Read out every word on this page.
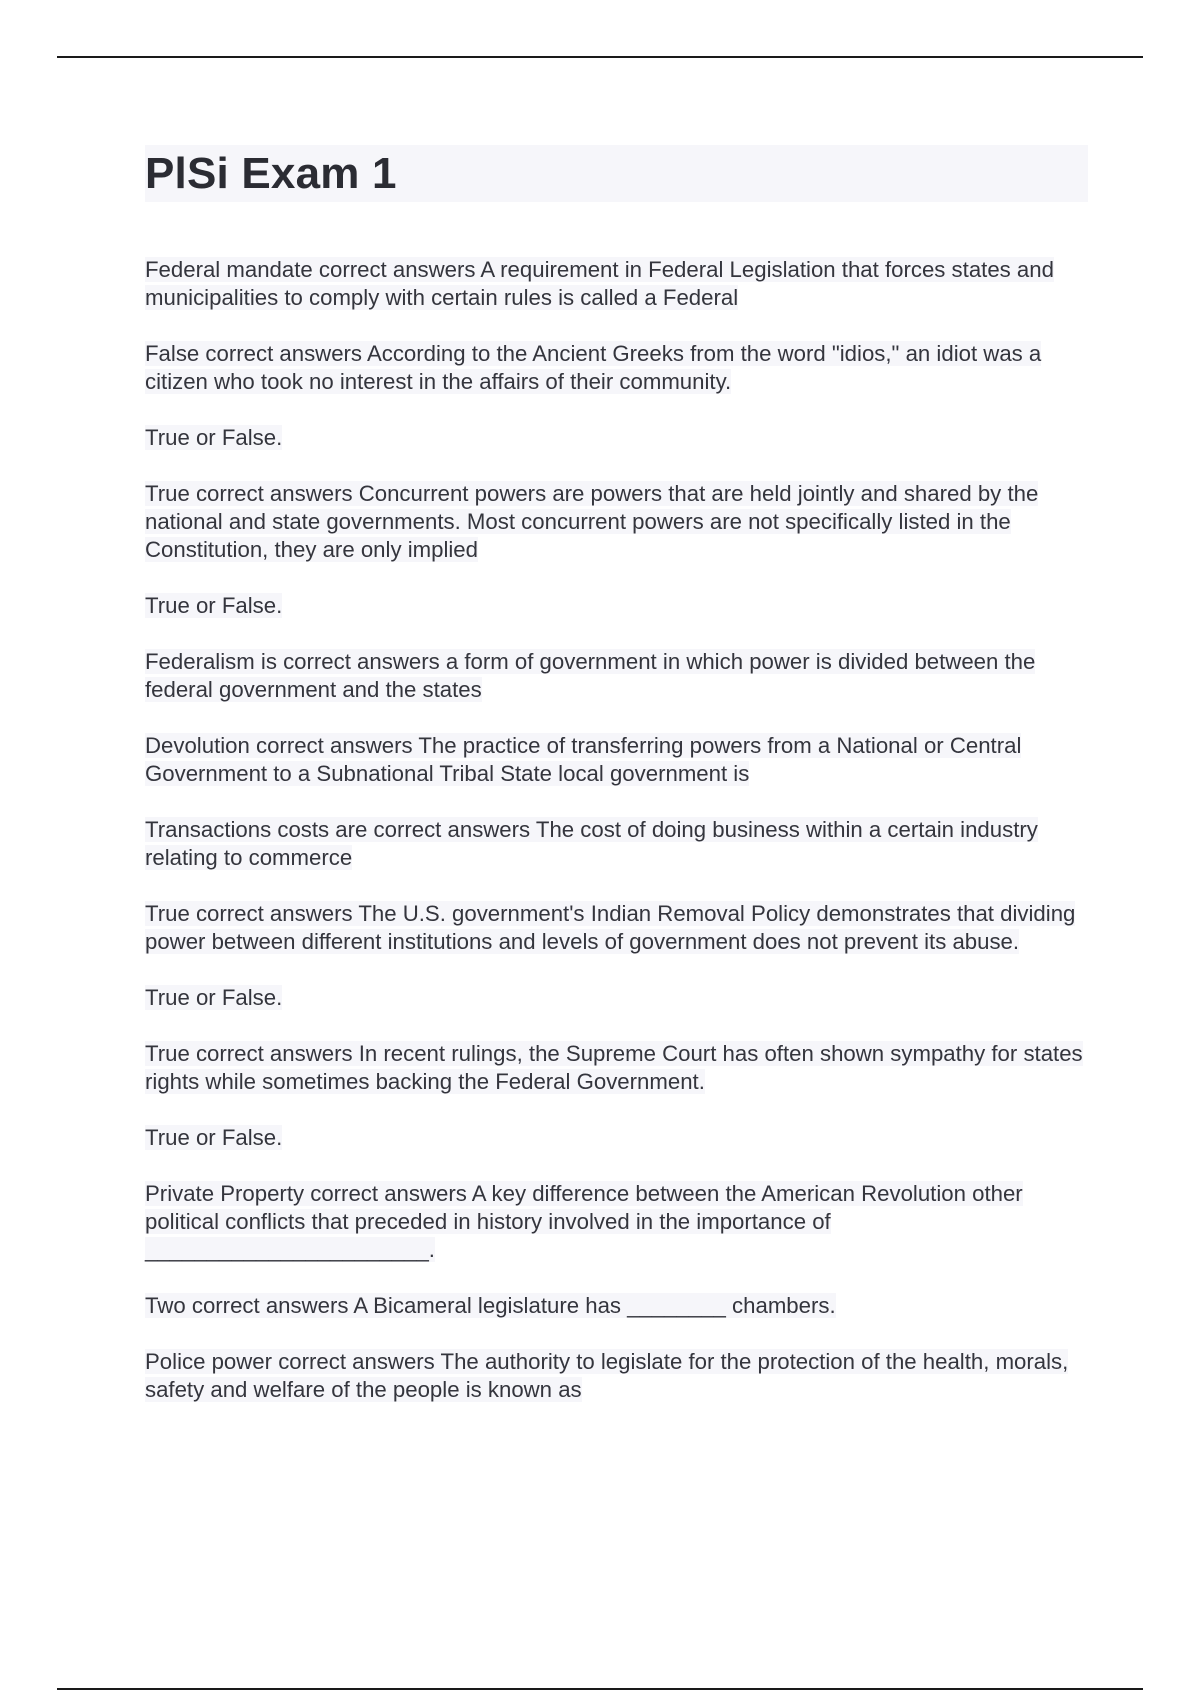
PlSi Exam 1

Federal mandate correct answers A requirement in Federal Legislation that forces states and municipalities to comply with certain rules is called a Federal

False correct answers According to the Ancient Greeks from the word "idios," an idiot was a citizen who took no interest in the affairs of their community.

True or False.

True correct answers Concurrent powers are powers that are held jointly and shared by the national and state governments. Most concurrent powers are not specifically listed in the Constitution, they are only implied

True or False.

Federalism is correct answers a form of government in which power is divided between the federal government and the states

Devolution correct answers The practice of transferring powers from a National or Central Government to a Subnational Tribal State local government is

Transactions costs are correct answers The cost of doing business within a certain industry relating to commerce

True correct answers The U.S. government's Indian Removal Policy demonstrates that dividing power between different institutions and levels of government does not prevent its abuse.

True or False.

True correct answers In recent rulings, the Supreme Court has often shown sympathy for states rights while sometimes backing the Federal Government.

True or False.

Private Property correct answers A key difference between the American Revolution other political conflicts that preceded in history involved in the importance of _______________________.

Two correct answers A Bicameral legislature has ________ chambers.

Police power correct answers The authority to legislate for the protection of the health, morals, safety and welfare of the people is known as
